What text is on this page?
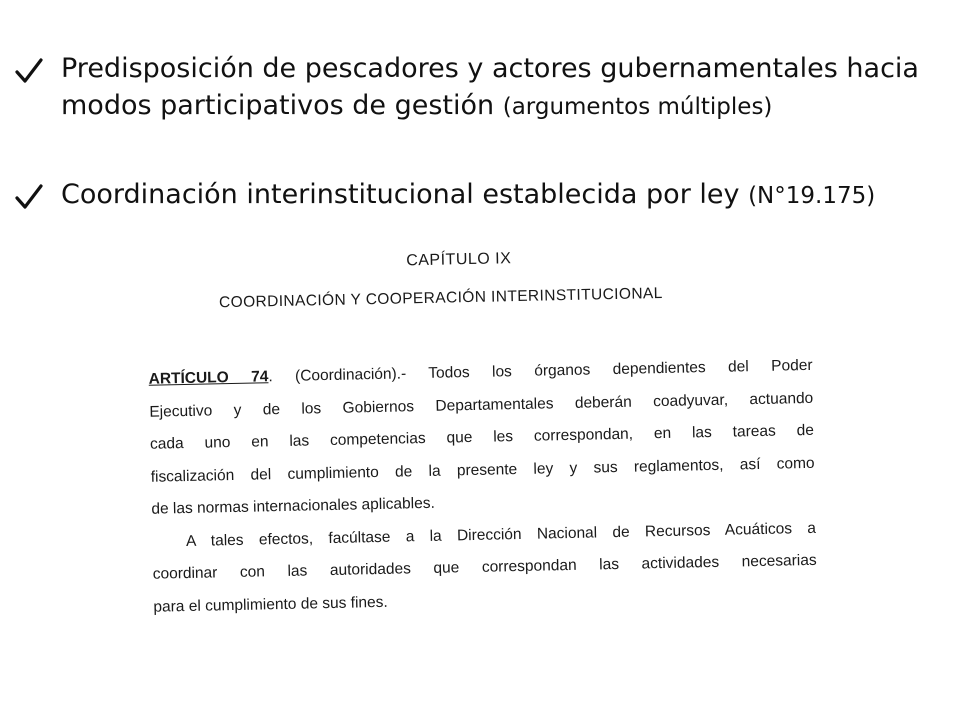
Predisposición de pescadores y actores gubernamentales hacia modos participativos de gestión (argumentos múltiples)
Coordinación interinstitucional establecida por ley (N°19.175)
CAPÍTULO IX
COORDINACIÓN Y COOPERACIÓN INTERINSTITUCIONAL
ARTÍCULO 74. (Coordinación).- Todos los órganos dependientes del Poder
Ejecutivo y de los Gobiernos Departamentales deberán coadyuvar, actuando
cada uno en las competencias que les correspondan, en las tareas de
fiscalización del cumplimiento de la presente ley y sus reglamentos, así como
de las normas internacionales aplicables.
A tales efectos, facúltase a la Dirección Nacional de Recursos Acuáticos a
coordinar con las autoridades que correspondan las actividades necesarias
para el cumplimiento de sus fines.
